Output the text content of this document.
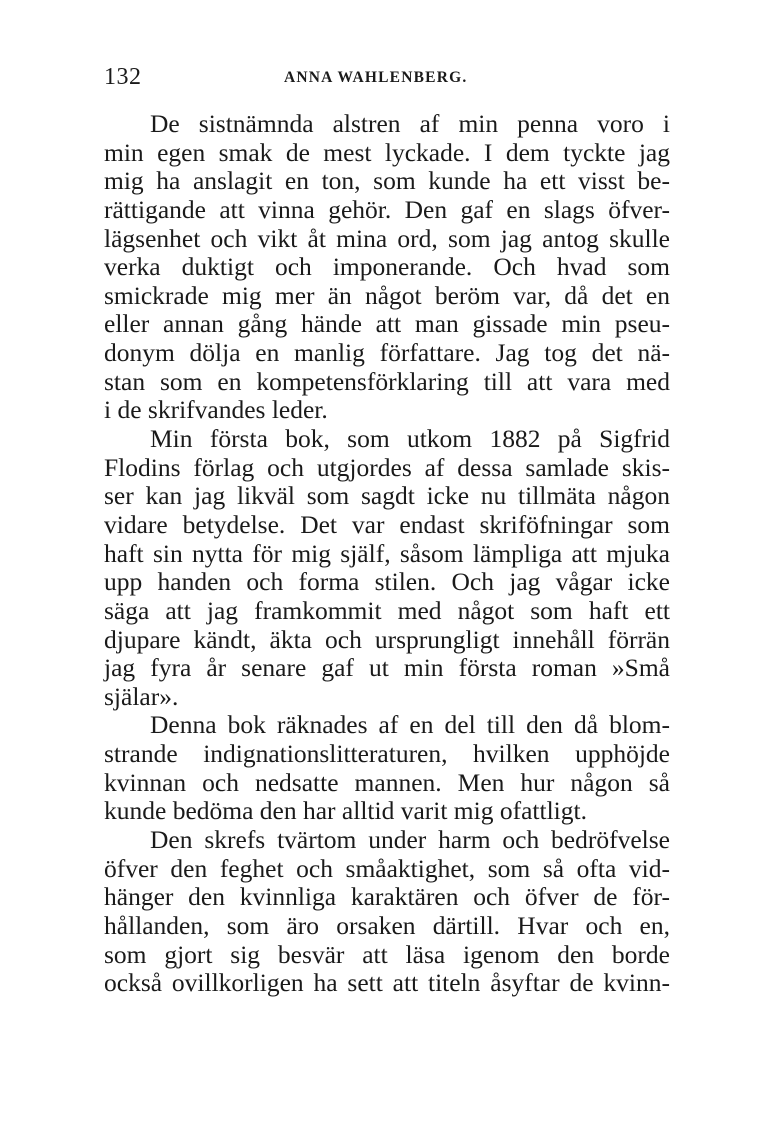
132	ANNA WAHLENBERG.
De sistnämnda alstren af min penna voro i
min egen smak de mest lyckade. I dem tyckte jag
mig ha anslagit en ton, som kunde ha ett visst be-
rättigande att vinna gehör. Den gaf en slags öfver-
lägsenhet och vikt åt mina ord, som jag antog skulle
verka duktigt och imponerande. Och hvad som
smickrade mig mer än något beröm var, då det en
eller annan gång hände att man gissade min pseu-
donym dölja en manlig författare. Jag tog det nä-
stan som en kompetensförklaring till att vara med
i de skrifvandes leder.
Min första bok, som utkom 1882 på Sigfrid
Flodins förlag och utgjordes af dessa samlade skis-
ser kan jag likväl som sagdt icke nu tillmäta någon
vidare betydelse. Det var endast skriföfningar som
haft sin nytta för mig själf, såsom lämpliga att mjuka
upp handen och forma stilen. Och jag vågar icke
säga att jag framkommit med något som haft ett
djupare kändt, äkta och ursprungligt innehåll förrän
jag fyra år senare gaf ut min första roman »Små
själar».
Denna bok räknades af en del till den då blom-
strande indignationslitteraturen, hvilken upphöjde
kvinnan och nedsatte mannen. Men hur någon så
kunde bedöma den har alltid varit mig ofattligt.
Den skrefs tvärtom under harm och bedröfvelse
öfver den feghet och småaktighet, som så ofta vid-
hänger den kvinnliga karaktären och öfver de för-
hållanden, som äro orsaken därtill. Hvar och en,
som gjort sig besvär att läsa igenom den borde
också ovillkorligen ha sett att titeln åsyftar de kvinn-
